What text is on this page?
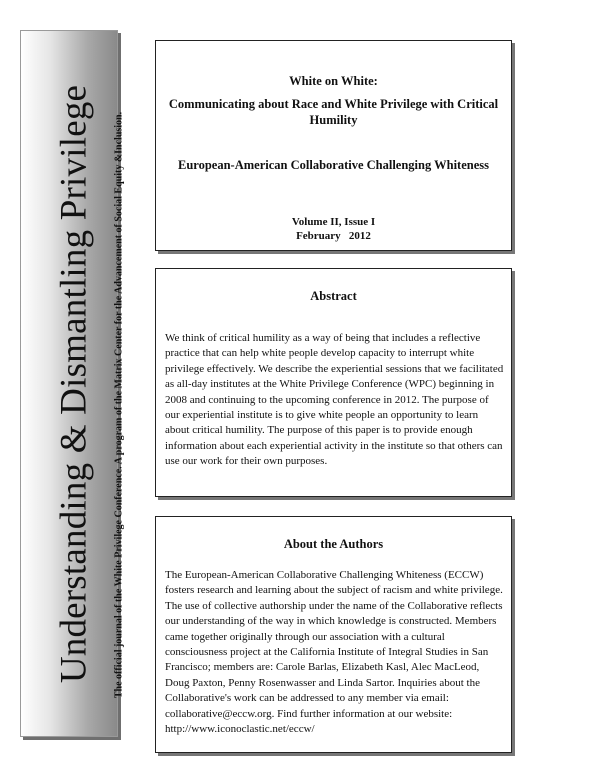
Understanding & Dismantling Privilege The official journal of the White Privilege Conference. A program of the Matrix Center for the Advancement of Social Equity &Inclusion.
White on White:
Communicating about Race and White Privilege with Critical Humility
European-American Collaborative Challenging Whiteness
Volume II, Issue I
February   2012
Abstract
We think of critical humility as a way of being that includes a reflective practice that can help white people develop capacity to interrupt white privilege effectively. We describe the experiential sessions that we facilitated as all-day institutes at the White Privilege Conference (WPC) beginning in 2008 and continuing to the upcoming conference in 2012. The purpose of our experiential institute is to give white people an opportunity to learn about critical humility. The purpose of this paper is to provide enough information about each experiential activity in the institute so that others can use our work for their own purposes.
About the Authors
The European-American Collaborative Challenging Whiteness (ECCW) fosters research and learning about the subject of racism and white privilege. The use of collective authorship under the name of the Collaborative reflects our understanding of the way in which knowledge is constructed. Members came together originally through our association with a cultural consciousness project at the California Institute of Integral Studies in San Francisco; members are: Carole Barlas, Elizabeth Kasl, Alec MacLeod, Doug Paxton, Penny Rosenwasser and Linda Sartor. Inquiries about the Collaborative's work can be addressed to any member via email: collaborative@eccw.org. Find further information at our website: http://www.iconoclastic.net/eccw/
